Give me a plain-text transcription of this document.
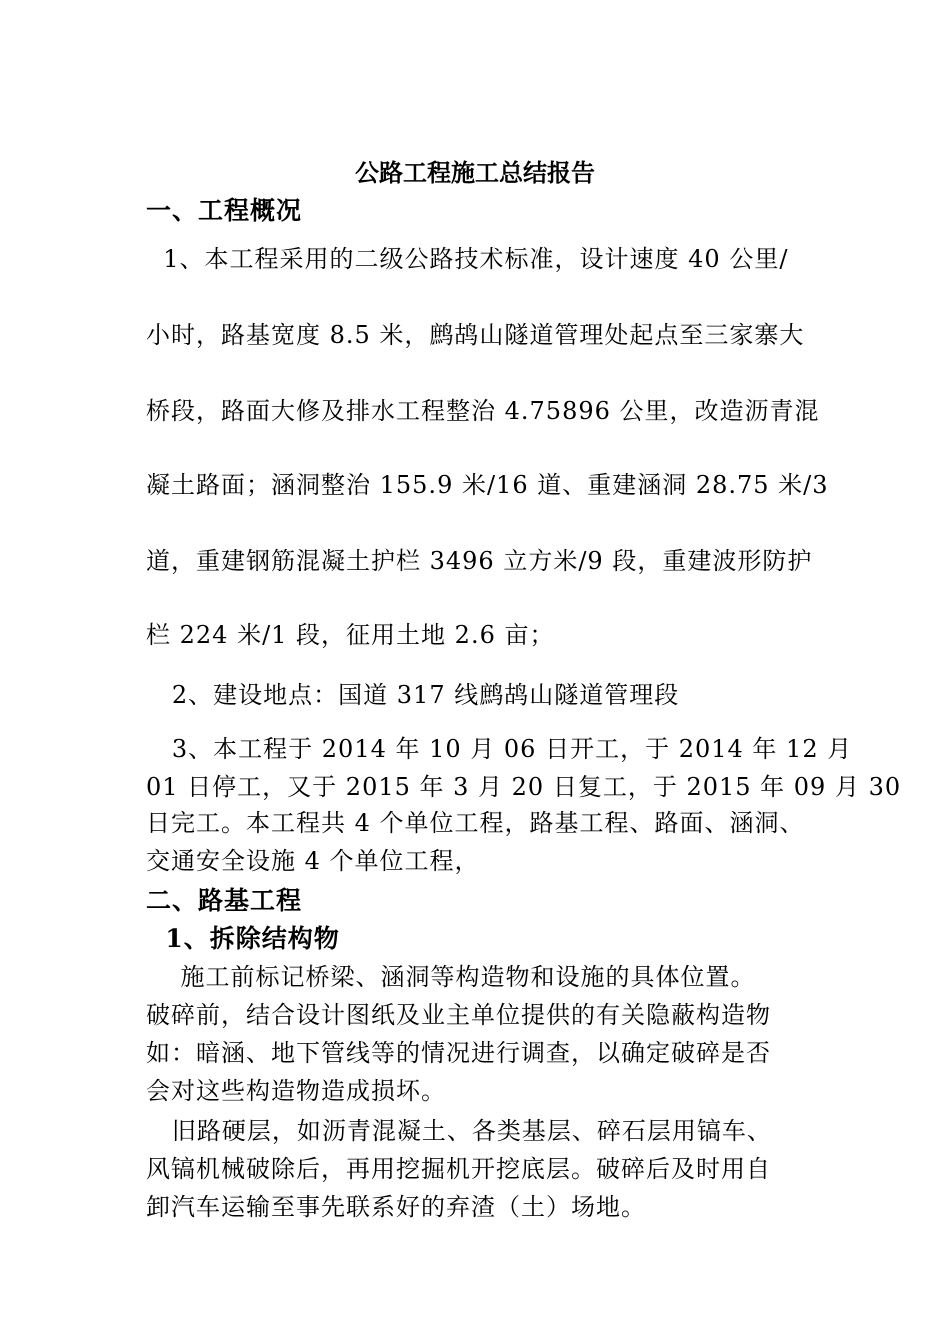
公路工程施工总结报告
一、工程概况
1、本工程采用的二级公路技术标准，设计速度 40 公里/
小时，路基宽度 8.5 米，鹧鸪山隧道管理处起点至三家寨大
桥段，路面大修及排水工程整治 4.75896 公里，改造沥青混
凝土路面；涵洞整治 155.9 米/16 道、重建涵洞 28.75 米/3
道，重建钢筋混凝土护栏 3496 立方米/9 段，重建波形防护
栏 224 米/1 段，征用土地 2.6 亩；
2、建设地点：国道 317 线鹧鸪山隧道管理段
3、本工程于 2014 年 10 月 06 日开工，于 2014 年 12 月
01 日停工，又于 2015 年 3 月 20 日复工，于 2015 年 09 月 30
日完工。本工程共 4 个单位工程，路基工程、路面、涵洞、
交通安全设施 4 个单位工程，
二、路基工程
1、拆除结构物
施工前标记桥梁、涵洞等构造物和设施的具体位置。
破碎前，结合设计图纸及业主单位提供的有关隐蔽构造物
如：暗涵、地下管线等的情况进行调查，以确定破碎是否
会对这些构造物造成损坏。
旧路硬层，如沥青混凝土、各类基层、碎石层用镐车、
风镐机械破除后，再用挖掘机开挖底层。破碎后及时用自
卸汽车运输至事先联系好的弃渣（土）场地。
